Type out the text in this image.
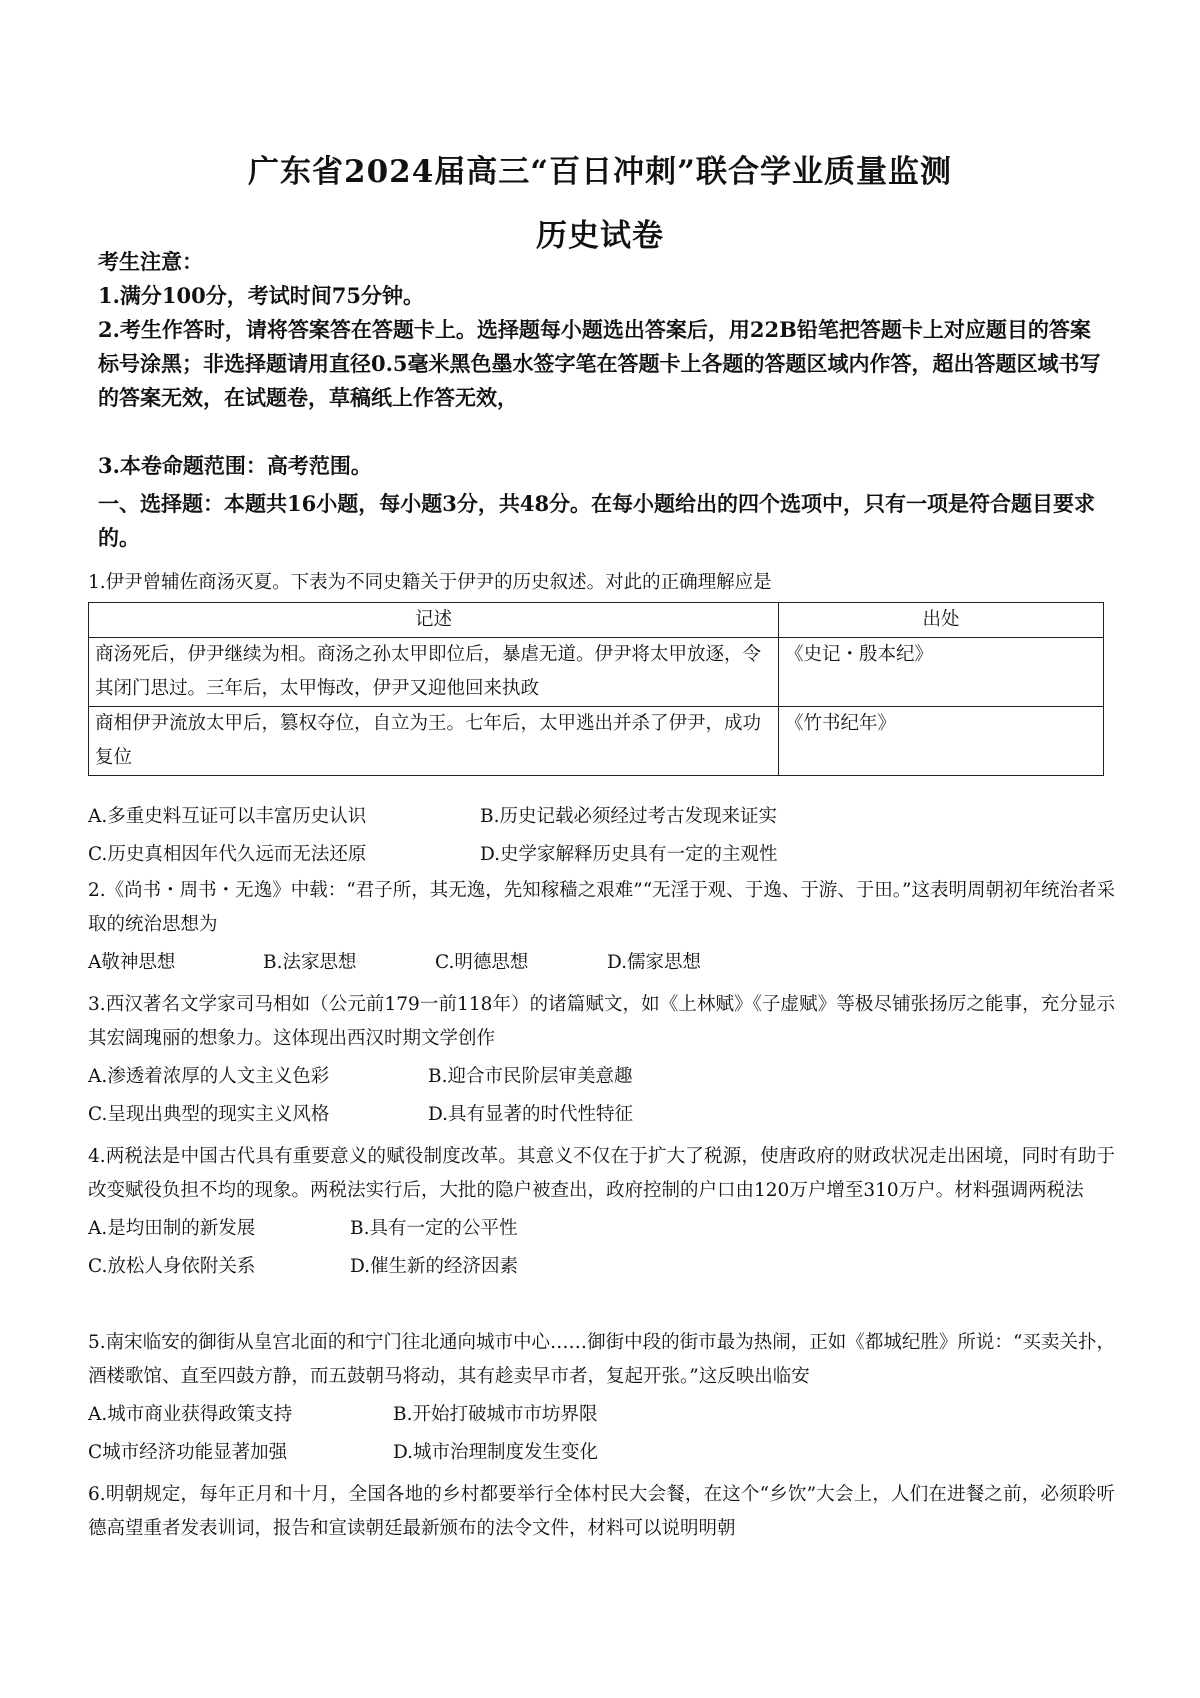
广东省2024届高三“百日冲刺”联合学业质量监测
历史试卷
考生注意：
1.满分100分，考试时间75分钟。
2.考生作答时，请将答案答在答题卡上。选择题每小题选出答案后，用22B铅笔把答题卡上对应题目的答案标号涂黑；非选择题请用直径0.5毫米黑色墨水签字笔在答题卡上各题的答题区域内作答，超出答题区域书写的答案无效，在试题卷，草稿纸上作答无效，
3.本卷命题范围：高考范围。
一、选择题：本题共16小题，每小题3分，共48分。在每小题给出的四个选项中，只有一项是符合题目要求的。
1.伊尹曾辅佐商汤灭夏。下表为不同史籍关于伊尹的历史叙述。对此的正确理解应是
记述	出处
商汤死后，伊尹继续为相。商汤之孙太甲即位后，暴虐无道。伊尹将太甲放逐，令其闭门思过。三年后，太甲悔改，伊尹又迎他回来执政	《史记・殷本纪》
商相伊尹流放太甲后，篡权夺位，自立为王。七年后，太甲逃出并杀了伊尹，成功复位	《竹书纪年》
A.多重史料互证可以丰富历史认识	B.历史记载必须经过考古发现来证实
C.历史真相因年代久远而无法还原	D.史学家解释历史具有一定的主观性

2.《尚书・周书・无逸》中载：“君子所，其无逸，先知稼穑之艰难”“无淫于观、于逸、于游、于田。”这表明周朝初年统治者采取的统治思想为

A敬神思想	B.法家思想	C.明德思想	D.儒家思想

3.西汉著名文学家司马相如（公元前179一前118年）的诸篇赋文，如《上林赋》《子虚赋》等极尽铺张扬厉之能事，充分显示其宏阔瑰丽的想象力。这体现出西汉时期文学创作

A.渗透着浓厚的人文主义色彩	B.迎合市民阶层审美意趣
C.呈现出典型的现实主义风格	D.具有显著的时代性特征

4.两税法是中国古代具有重要意义的赋役制度改革。其意义不仅在于扩大了税源，使唐政府的财政状况走出困境，同时有助于改变赋役负担不均的现象。两税法实行后，大批的隐户被查出，政府控制的户口由120万户增至310万户。材料强调两税法

A.是均田制的新发展	B.具有一定的公平性
C.放松人身依附关系	D.催生新的经济因素

5.南宋临安的御街从皇宫北面的和宁门往北通向城市中心……御街中段的街市最为热闹，正如《都城纪胜》所说：“买卖关扑，酒楼歌馆、直至四鼓方静，而五鼓朝马将动，其有趁卖早市者，复起开张。”这反映出临安

A.城市商业获得政策支持	B.开始打破城市市坊界限
C城市经济功能显著加强	D.城市治理制度发生变化

6.明朝规定，每年正月和十月，全国各地的乡村都要举行全体村民大会餐，在这个“乡饮”大会上，人们在进餐之前，必须聆听德高望重者发表训词，报告和宣读朝廷最新颁布的法令文件，材料可以说明明朝
